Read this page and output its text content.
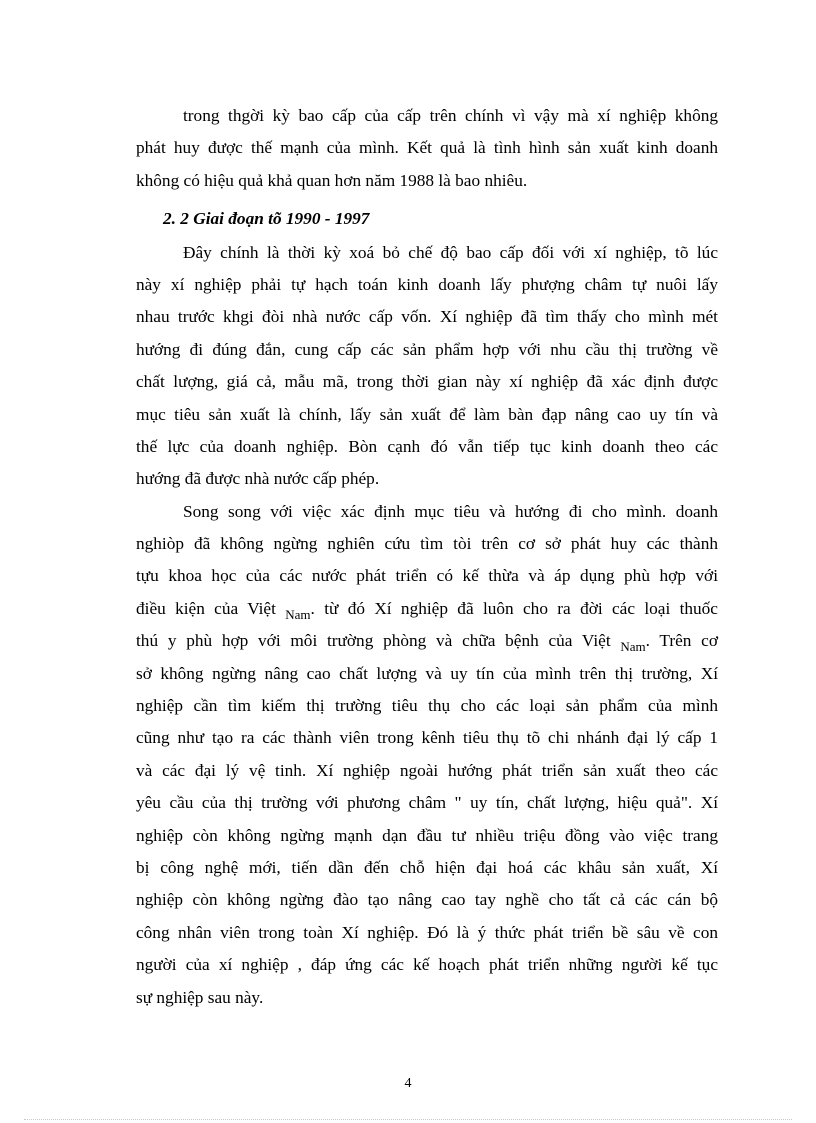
trong thgời kỳ bao cấp của cấp trên chính vì vậy mà xí nghiệp không
phát huy được thế mạnh của mình. Kết quả là tình hình sản xuất kinh doanh
không có hiệu quả khả quan hơn năm 1988 là bao nhiêu.
2. 2 Giai đoạn tõ 1990 - 1997
Đây chính là thời kỳ xoá bỏ chế độ bao cấp đối với xí nghiệp, tõ lúc
này xí nghiệp phải tự hạch toán kinh doanh lấy phượng châm tự nuôi lấy
nhau trước khgi đòi nhà nước cấp vốn. Xí nghiệp đã tìm thấy cho mình mét
hướng đi đúng đắn, cung cấp các sản phẩm hợp với nhu cầu thị trường về
chất lượng, giá cả, mẫu mã, trong thời gian này xí nghiệp đã xác định được
mục tiêu sản xuất là chính, lấy sản xuất để làm bàn đạp nâng cao uy tín và
thế lực của doanh nghiệp. Bòn cạnh đó vẫn tiếp tục kinh doanh theo các
hướng đã được nhà nước cấp phép.
Song song với việc xác định mục tiêu và hướng đi cho mình. doanh
nghiòp đã không ngừng nghiên cứu tìm tòi trên cơ sở phát huy các thành
tựu khoa học của các nước phát triển có kế thừa và áp dụng phù hợp với
điều kiện của Việt $_{Nam}$. từ đó Xí nghiệp đã luôn cho ra đời các loại thuốc
thú y phù hợp với môi trường phòng và chữa bệnh của Việt $_{Nam}$. Trên cơ
sở không ngừng nâng cao chất lượng và uy tín của mình trên thị trường, Xí
nghiệp cần tìm kiếm thị trường tiêu thụ cho các loại sản phẩm của mình
cũng như tạo ra các thành viên trong kênh tiêu thụ tõ chi nhánh đại lý cấp 1
và các đại lý vệ tinh. Xí nghiệp ngoài hướng phát triển sản xuất theo các
yêu cầu của thị trường với phương châm " uy tín, chất lượng, hiệu quả". Xí
nghiệp còn không ngừng mạnh dạn đầu tư nhiều triệu đồng vào việc trang
bị công nghệ mới, tiến dần đến chỗ hiện đại hoá các khâu sản xuất, Xí
nghiệp còn không ngừng đào tạo nâng cao tay nghề cho tất cả các cán bộ
công nhân viên trong toàn Xí nghiệp. Đó là ý thức phát triển bề sâu về con
người của xí nghiệp , đáp ứng các kế hoạch phát triển những người kế tục
sự nghiệp sau này.
4
